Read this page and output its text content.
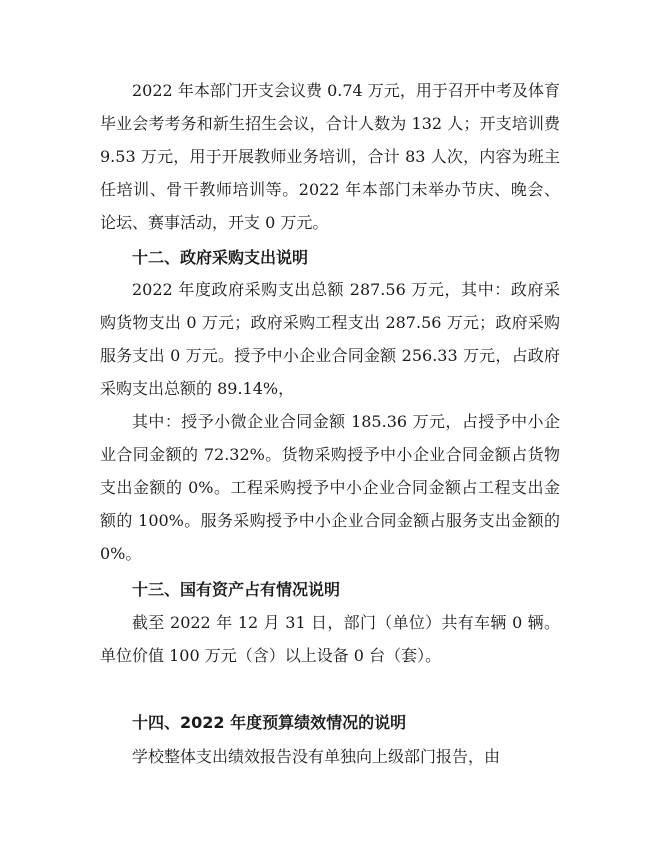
2022 年本部门开支会议费 0.74 万元，用于召开中考及体育毕业会考考务和新生招生会议，合计人数为 132 人；开支培训费 9.53 万元，用于开展教师业务培训，合计 83 人次，内容为班主任培训、骨干教师培训等。2022 年本部门未举办节庆、晚会、论坛、赛事活动，开支 0 万元。

十二、政府采购支出说明

2022 年度政府采购支出总额 287.56 万元，其中：政府采购货物支出 0 万元；政府采购工程支出 287.56 万元；政府采购服务支出 0 万元。授予中小企业合同金额 256.33 万元，占政府采购支出总额的 89.14%，

其中：授予小微企业合同金额 185.36 万元，占授予中小企业合同金额的 72.32%。货物采购授予中小企业合同金额占货物支出金额的 0%。工程采购授予中小企业合同金额占工程支出金额的 100%。服务采购授予中小企业合同金额占服务支出金额的 0%。

十三、国有资产占有情况说明

截至 2022 年 12 月 31 日，部门（单位）共有车辆 0 辆。单位价值 100 万元（含）以上设备 0 台（套）。

十四、2022 年度预算绩效情况的说明

学校整体支出绩效报告没有单独向上级部门报告，由
